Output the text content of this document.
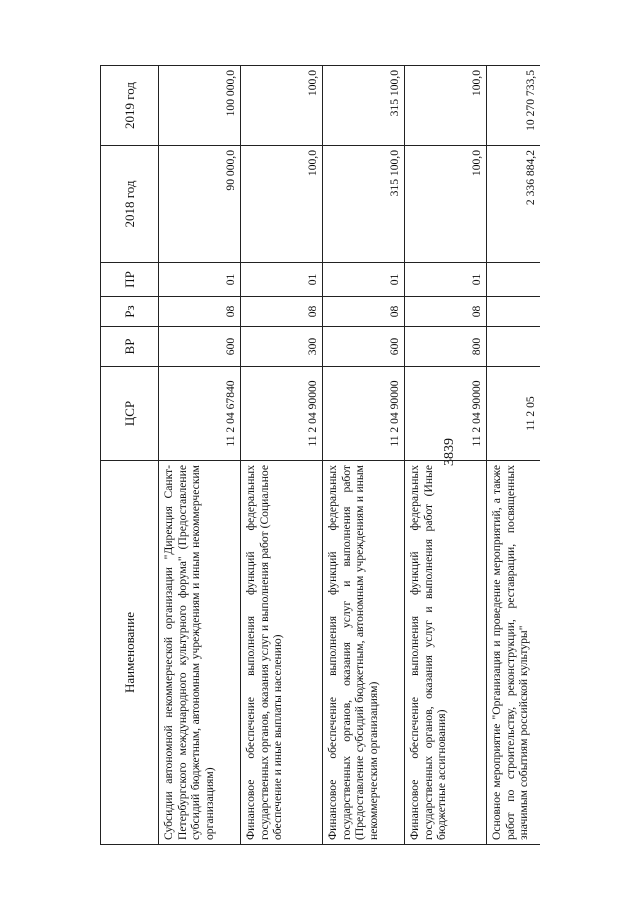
3839
Наименование
ЦСР
ВР
Рз
ПР
2018 год
2019 год
Субсидии автономной некоммерческой организации "Дирекция Санкт-Петербургского международного культурного форума" (Предоставление субсидий бюджетным, автономным учреждениям и иным некоммерческим организациям)
11 2 04 67840
600
08
01
90 000,0
100 000,0
Финансовое обеспечение выполнения функций федеральных государственных органов, оказания услуг и выполнения работ (Социальное обеспечение и иные выплаты населению)
11 2 04 90000
300
08
01
100,0
100,0
Финансовое обеспечение выполнения функций федеральных государственных органов, оказания услуг и выполнения работ (Предоставление субсидий бюджетным, автономным учреждениям и иным некоммерческим организациям)
11 2 04 90000
600
08
01
315 100,0
315 100,0
Финансовое обеспечение выполнения функций федеральных государственных органов, оказания услуг и выполнения работ (Иные бюджетные ассигнования)
11 2 04 90000
800
08
01
100,0
100,0
Основное мероприятие "Организация и проведение мероприятий, а также работ по строительству, реконструкции, реставрации, посвященных значимым событиям российской культуры"
11 2 05
2 336 884,2
10 270 733,5
